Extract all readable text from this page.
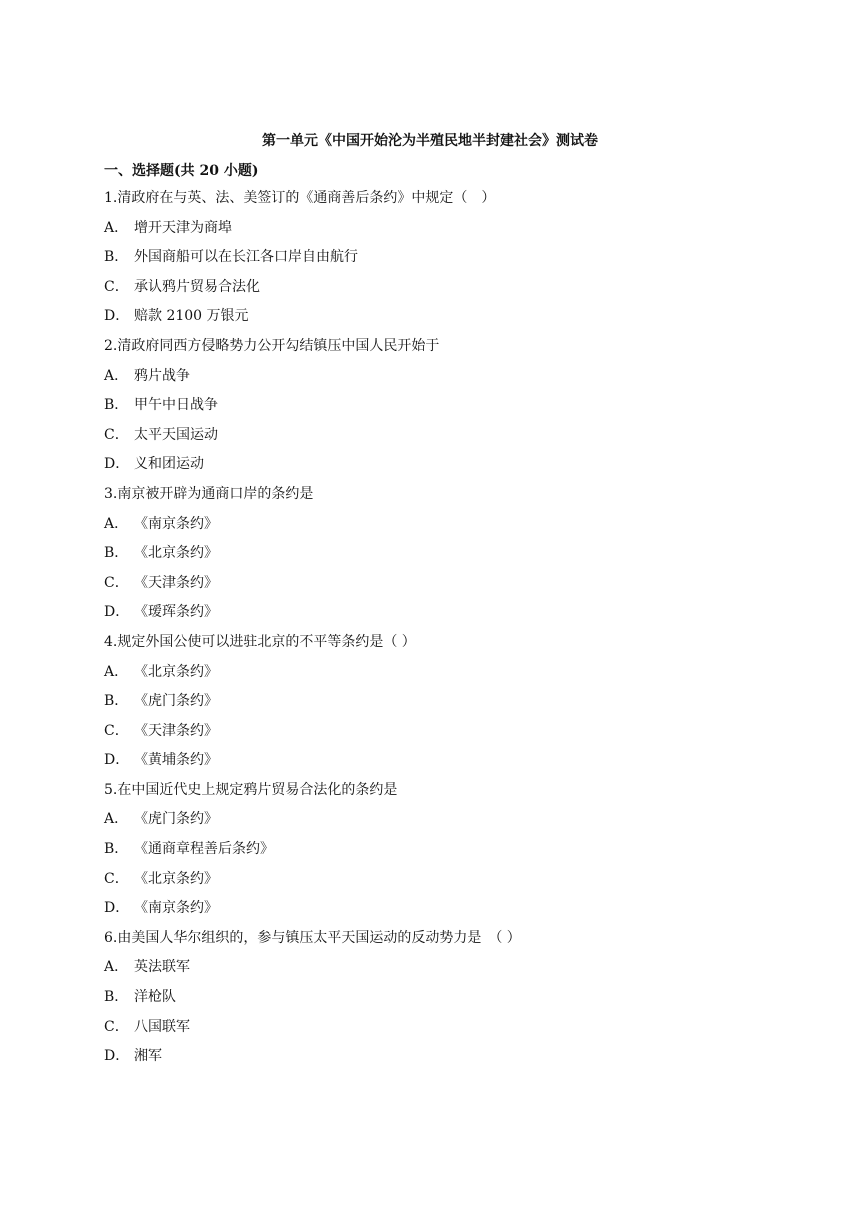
第一单元《中国开始沦为半殖民地半封建社会》测试卷
一、选择题(共 20 小题)
1.清政府在与英、法、美签订的《通商善后条约》中规定（　）
A． 增开天津为商埠
B． 外国商船可以在长江各口岸自由航行
C． 承认鸦片贸易合法化
D． 赔款 2100 万银元
2.清政府同西方侵略势力公开勾结镇压中国人民开始于
A． 鸦片战争
B． 甲午中日战争
C． 太平天国运动
D． 义和团运动
3.南京被开辟为通商口岸的条约是
A． 《南京条约》
B． 《北京条约》
C． 《天津条约》
D． 《瑷珲条约》
4.规定外国公使可以进驻北京的不平等条约是（ ）
A． 《北京条约》
B． 《虎门条约》
C． 《天津条约》
D． 《黄埔条约》
5.在中国近代史上规定鸦片贸易合法化的条约是
A． 《虎门条约》
B． 《通商章程善后条约》
C． 《北京条约》
D． 《南京条约》
6.由美国人华尔组织的，参与镇压太平天国运动的反动势力是　（ ）
A． 英法联军
B． 洋枪队
C． 八国联军
D． 湘军
